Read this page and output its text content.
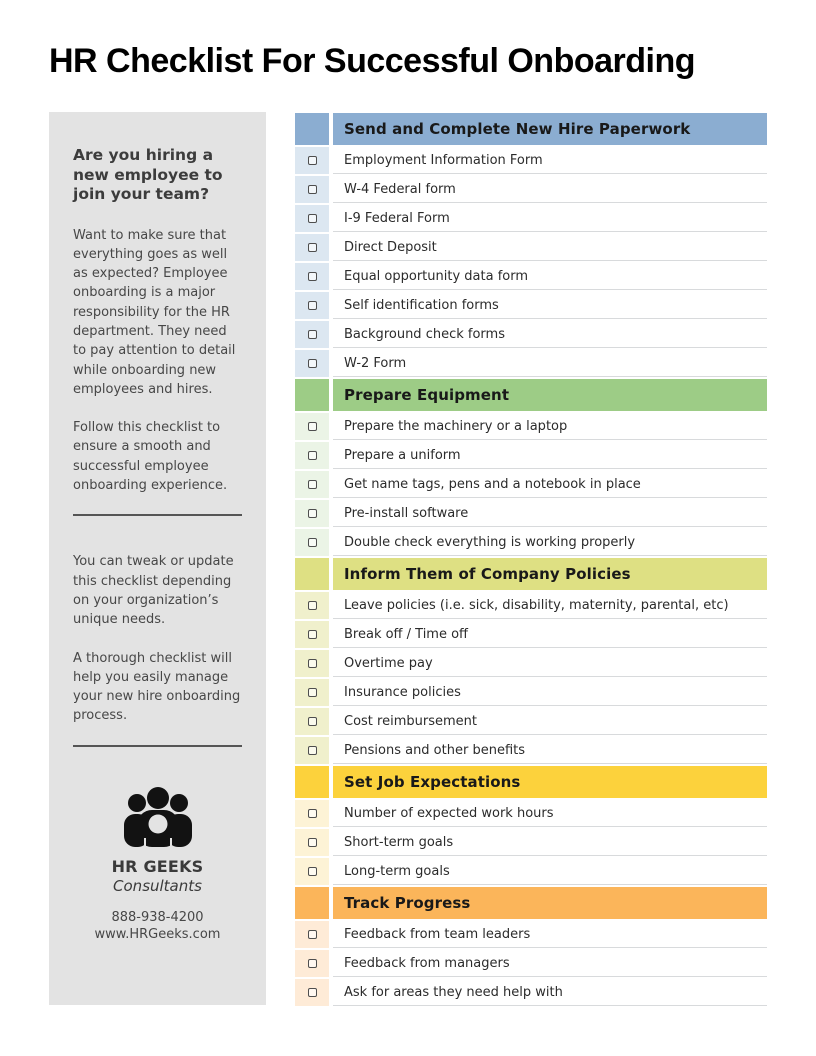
HR Checklist For Successful Onboarding
Are you hiring a new employee to join your team?

Want to make sure that everything goes as well as expected? Employee onboarding is a major responsibility for the HR department. They need to pay attention to detail while onboarding new employees and hires.

Follow this checklist to ensure a smooth and successful employee onboarding experience.

You can tweak or update this checklist depending on your organization’s unique needs.

A thorough checklist will help you easily manage your new hire onboarding process.

HR GEEKS
Consultants
888-938-4200
www.HRGeeks.com
Send and Complete New Hire Paperwork
Employment Information Form
W-4 Federal form
I-9 Federal Form
Direct Deposit
Equal opportunity data form
Self identification forms
Background check forms
W-2 Form
Prepare Equipment
Prepare the machinery or a laptop
Prepare a uniform
Get name tags, pens and a notebook in place
Pre-install software
Double check everything is working properly
Inform Them of Company Policies
Leave policies (i.e. sick, disability, maternity, parental, etc)
Break off / Time off
Overtime pay
Insurance policies
Cost reimbursement
Pensions and other benefits
Set Job Expectations
Number of expected work hours
Short-term goals
Long-term goals
Track Progress
Feedback from team leaders
Feedback from managers
Ask for areas they need help with
